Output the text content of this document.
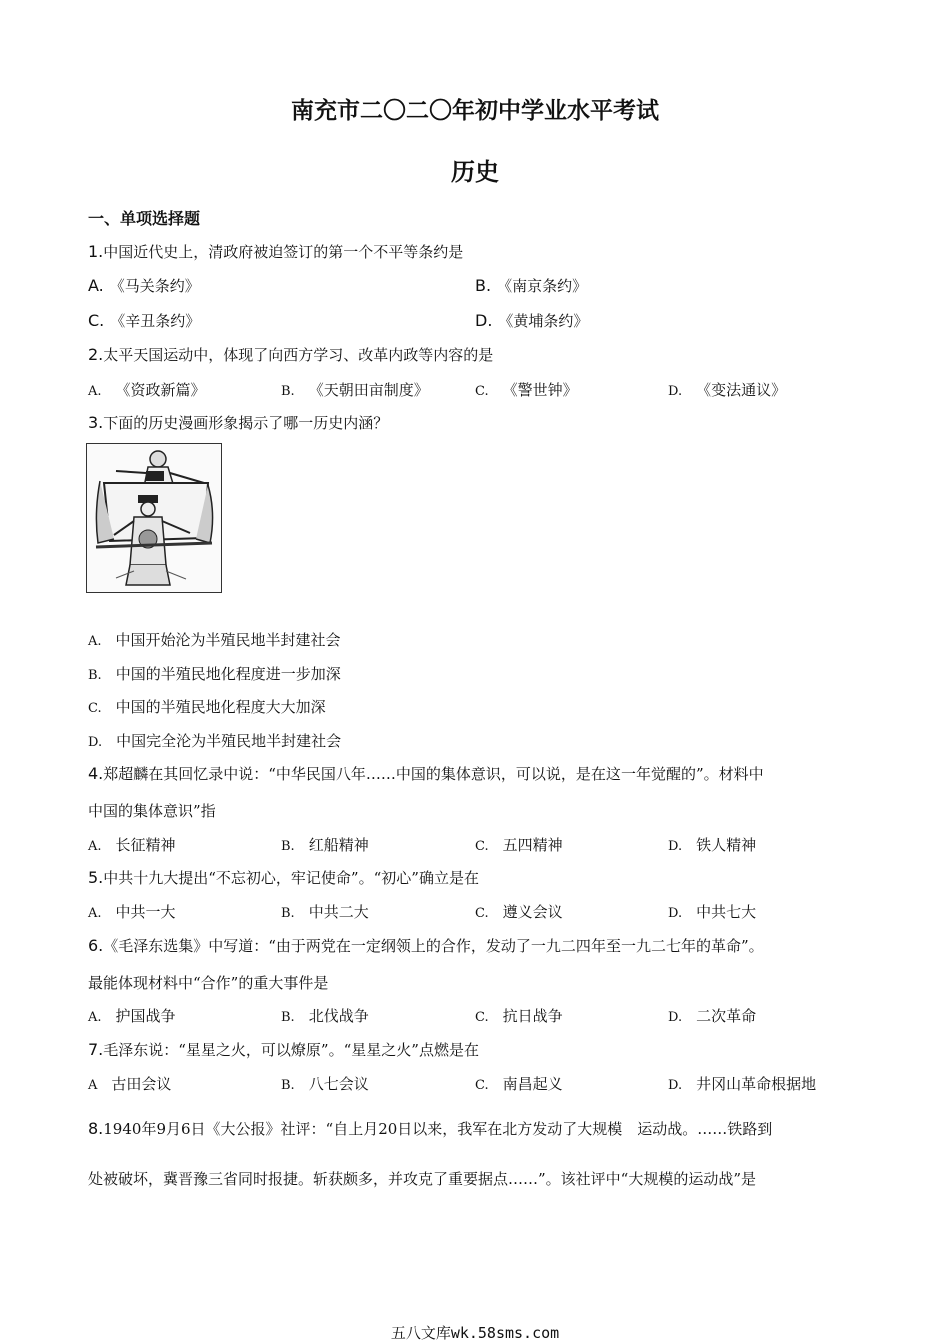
南充市二〇二〇年初中学业水平考试
历史
一、单项选择题
1.中国近代史上，清政府被迫签订的第一个不平等条约是
A. 《马关条约》	B. 《南京条约》
C. 《辛丑条约》	D. 《黄埔条约》
2.太平天国运动中，体现了向西方学习、改革内政等内容的是
A. 《资政新篇》	B. 《天朝田亩制度》	C. 《警世钟》	D. 《变法通议》
3.下面的历史漫画形象揭示了哪一历史内涵？
A. 中国开始沦为半殖民地半封建社会
B. 中国的半殖民地化程度进一步加深
C. 中国的半殖民地化程度大大加深
D. 中国完全沦为半殖民地半封建社会
4.郑超麟在其回忆录中说：“中华民国八年……中国的集体意识，可以说，是在这一年觉醒的”。材料中
中国的集体意识”指
A. 长征精神	B. 红船精神	C. 五四精神	D. 铁人精神
5.中共十九大提出“不忘初心，牢记使命”。“初心”确立是在
A. 中共一大	B. 中共二大	C. 遵义会议	D. 中共七大
6.《毛泽东选集》中写道：“由于两党在一定纲领上的合作，发动了一九二四年至一九二七年的革命”。
最能体现材料中“合作”的重大事件是
A. 护国战争	B. 北伐战争	C. 抗日战争	D. 二次革命
7.毛泽东说：“星星之火，可以燎原”。“星星之火”点燃是在
A 古田会议	B. 八七会议	C. 南昌起义	D. 井冈山革命根据地
8.1940年9月6日《大公报》社评：“自上月20日以来，我军在北方发动了大规模　运动战。……铁路到
处被破坏，冀晋豫三省同时报捷。斩获颇多，并攻克了重要据点……”。该社评中“大规模的运动战”是
五八文库wk.58sms.com
